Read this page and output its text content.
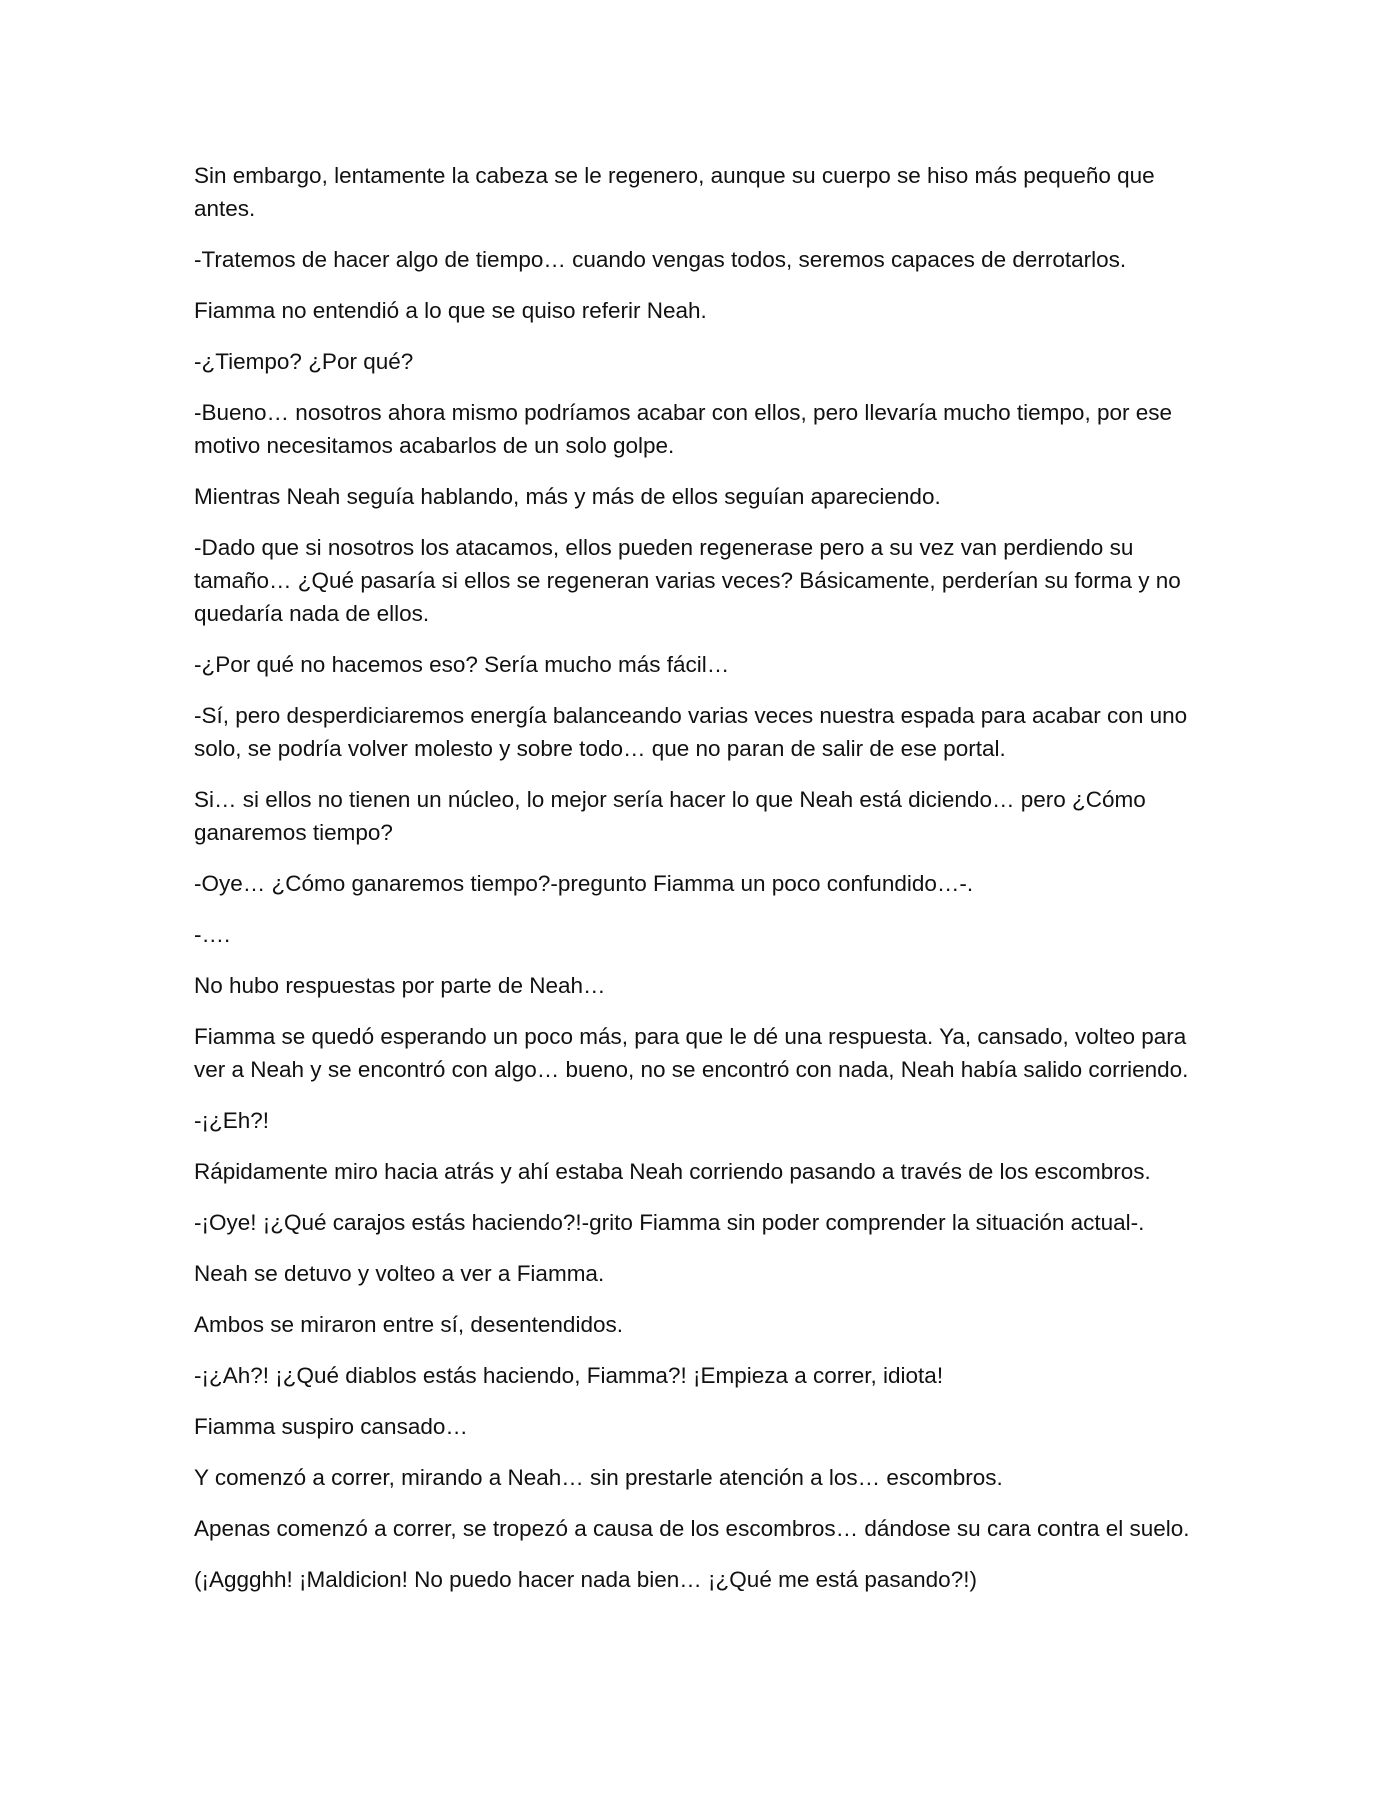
Sin embargo, lentamente la cabeza se le regenero, aunque su cuerpo se hiso más pequeño que antes.

-Tratemos de hacer algo de tiempo… cuando vengas todos, seremos capaces de derrotarlos.

Fiamma no entendió a lo que se quiso referir Neah.

-¿Tiempo? ¿Por qué?

-Bueno… nosotros ahora mismo podríamos acabar con ellos, pero llevaría mucho tiempo, por ese motivo necesitamos acabarlos de un solo golpe.

Mientras Neah seguía hablando, más y más de ellos seguían apareciendo.

-Dado que si nosotros los atacamos, ellos pueden regenerase pero a su vez van perdiendo su tamaño… ¿Qué pasaría si ellos se regeneran varias veces? Básicamente, perderían su forma y no quedaría nada de ellos.

-¿Por qué no hacemos eso? Sería mucho más fácil…

-Sí, pero desperdiciaremos energía balanceando varias veces nuestra espada para acabar con uno solo, se podría volver molesto y sobre todo… que no paran de salir de ese portal.

Si… si ellos no tienen un núcleo, lo mejor sería hacer lo que Neah está diciendo… pero ¿Cómo ganaremos tiempo?

-Oye… ¿Cómo ganaremos tiempo?-pregunto Fiamma un poco confundido…-.

-….

No hubo respuestas por parte de Neah…

Fiamma se quedó esperando un poco más, para que le dé una respuesta. Ya, cansado, volteo para ver a Neah y se encontró con algo… bueno, no se encontró con nada, Neah había salido corriendo.

-¡¿Eh?!

Rápidamente miro hacia atrás y ahí estaba Neah corriendo pasando a través de los escombros.

-¡Oye! ¡¿Qué carajos estás haciendo?!-grito Fiamma sin poder comprender la situación actual-.

Neah se detuvo y volteo a ver a Fiamma.

Ambos se miraron entre sí, desentendidos.

-¡¿Ah?! ¡¿Qué diablos estás haciendo, Fiamma?! ¡Empieza a correr, idiota!

Fiamma suspiro cansado…

Y comenzó a correr, mirando a Neah… sin prestarle atención a los… escombros.

Apenas comenzó a correr, se tropezó a causa de los escombros… dándose su cara contra el suelo.

(¡Aggghh! ¡Maldicion! No puedo hacer nada bien… ¡¿Qué me está pasando?!)
